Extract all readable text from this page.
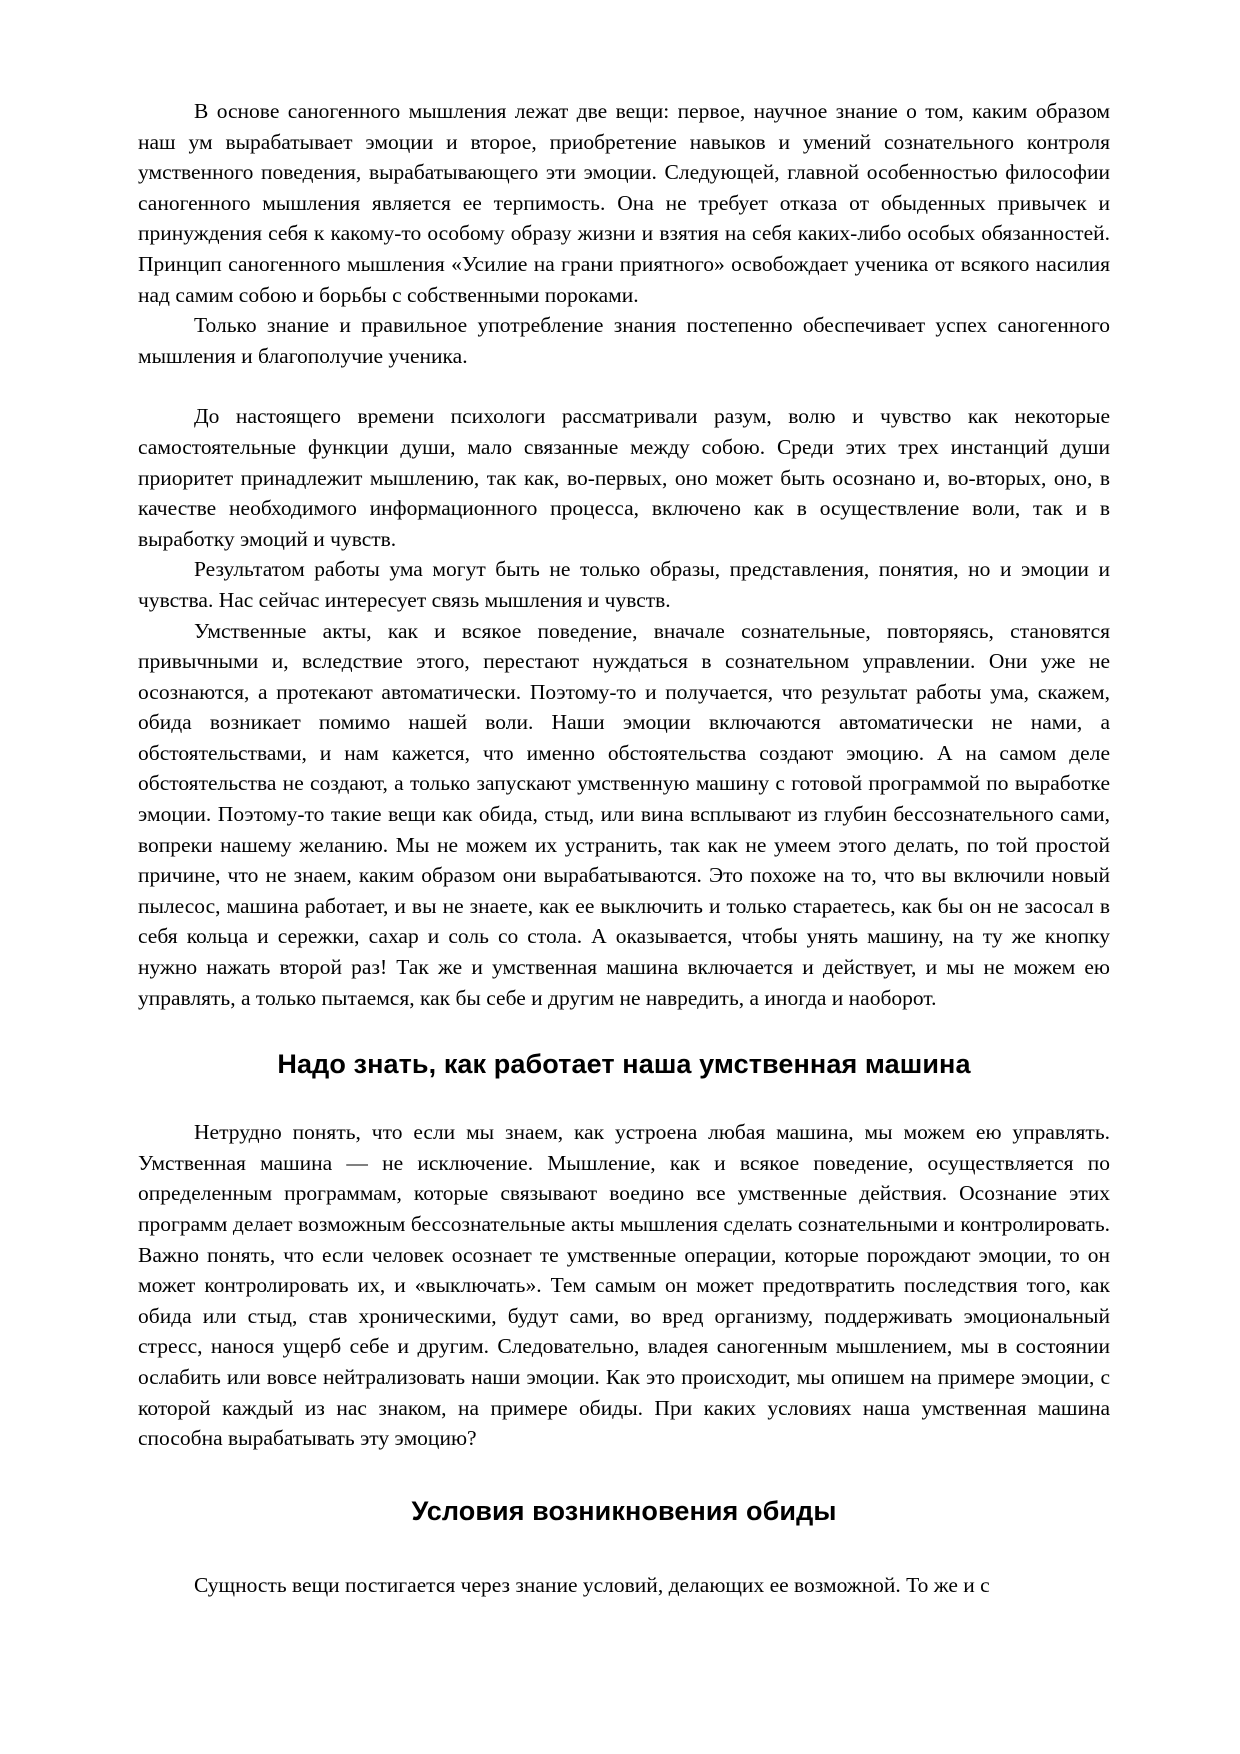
В основе саногенного мышления лежат две вещи: первое, научное знание о том, каким образом наш ум вырабатывает эмоции и второе, приобретение навыков и умений сознательного контроля умственного поведения, вырабатывающего эти эмоции. Следующей, главной особенностью философии саногенного мышления является ее терпимость. Она не требует отказа от обыденных привычек и принуждения себя к какому-то особому образу жизни и взятия на себя каких-либо особых обязанностей. Принцип саногенного мышления «Усилие на грани приятного» освобождает ученика от всякого насилия над самим собою и борьбы с собственными пороками.

Только знание и правильное употребление знания постепенно обеспечивает успех саногенного мышления и благополучие ученика.

До настоящего времени психологи рассматривали разум, волю и чувство как некоторые самостоятельные функции души, мало связанные между собою. Среди этих трех инстанций души приоритет принадлежит мышлению, так как, во-первых, оно может быть осознано и, во-вторых, оно, в качестве необходимого информационного процесса, включено как в осуществление воли, так и в выработку эмоций и чувств.

Результатом работы ума могут быть не только образы, представления, понятия, но и эмоции и чувства. Нас сейчас интересует связь мышления и чувств.

Умственные акты, как и всякое поведение, вначале сознательные, повторяясь, становятся привычными и, вследствие этого, перестают нуждаться в сознательном управлении. Они уже не осознаются, а протекают автоматически. Поэтому-то и получается, что результат работы ума, скажем, обида возникает помимо нашей воли. Наши эмоции включаются автоматически не нами, а обстоятельствами, и нам кажется, что именно обстоятельства создают эмоцию. А на самом деле обстоятельства не создают, а только запускают умственную машину с готовой программой по выработке эмоции. Поэтому-то такие вещи как обида, стыд, или вина всплывают из глубин бессознательного сами, вопреки нашему желанию. Мы не можем их устранить, так как не умеем этого делать, по той простой причине, что не знаем, каким образом они вырабатываются. Это похоже на то, что вы включили новый пылесос, машина работает, и вы не знаете, как ее выключить и только стараетесь, как бы он не засосал в себя кольца и сережки, сахар и соль со стола. А оказывается, чтобы унять машину, на ту же кнопку нужно нажать второй раз! Так же и умственная машина включается и действует, и мы не можем ею управлять, а только пытаемся, как бы себе и другим не навредить, а иногда и наоборот.

Надо знать, как работает наша умственная машина

Нетрудно понять, что если мы знаем, как устроена любая машина, мы можем ею управлять. Умственная машина — не исключение. Мышление, как и всякое поведение, осуществляется по определенным программам, которые связывают воедино все умственные действия. Осознание этих программ делает возможным бессознательные акты мышления сделать сознательными и контролировать. Важно понять, что если человек осознает те умственные операции, которые порождают эмоции, то он может контролировать их, и «выключать». Тем самым он может предотвратить последствия того, как обида или стыд, став хроническими, будут сами, во вред организму, поддерживать эмоциональный стресс, нанося ущерб себе и другим. Следовательно, владея саногенным мышлением, мы в состоянии ослабить или вовсе нейтрализовать наши эмоции. Как это происходит, мы опишем на примере эмоции, с которой каждый из нас знаком, на примере обиды. При каких условиях наша умственная машина способна вырабатывать эту эмоцию?

Условия возникновения обиды

Сущность вещи постигается через знание условий, делающих ее возможной. То же и с
